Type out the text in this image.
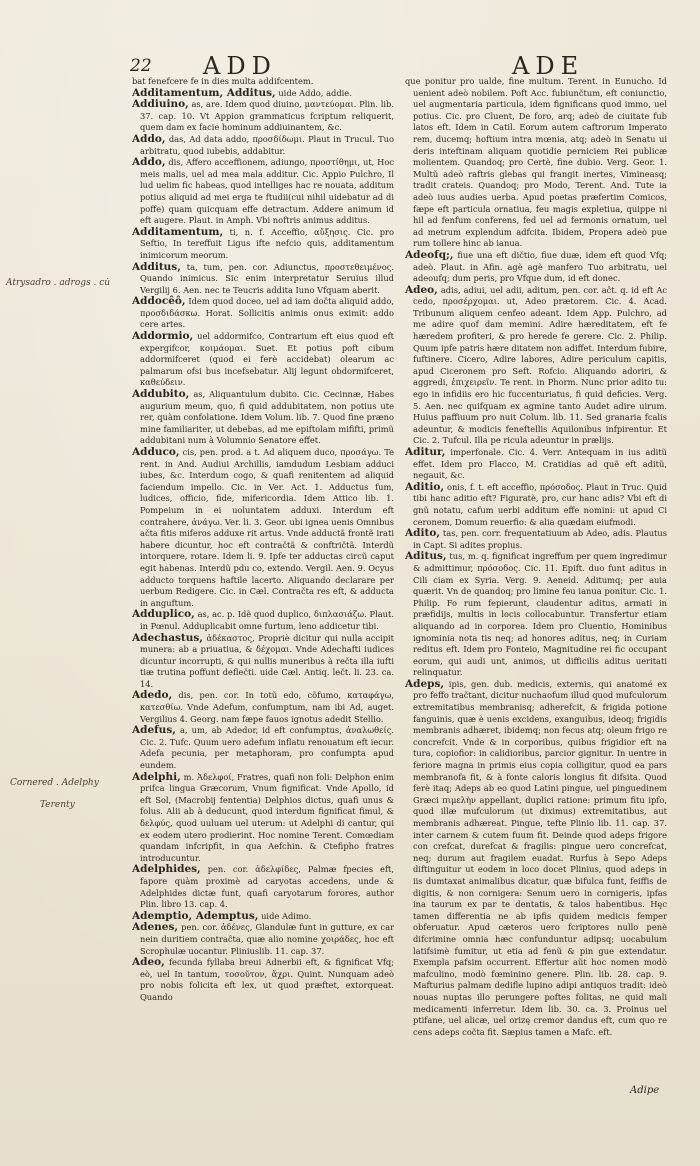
22 ADD	ADE
Atrysadro . adrogs . cu̇
Cornered . Adelphy
Terenty
bat fenefcere fe in dies multa addifcentem.
Additamentum, Additus, uide Addo, addie.
Addiuino, as, are. Idem quod diuino, μαντεύομαι. Plin. lib. 37. cap. 10. Vt Appion grammaticus fcriptum reliquerit, quem dam ex facie hominum addiuinantem, &c.
Addo, das, Ad data addo, προσδίδωμι. Plaut in Trucul. Tuo arbitratu, quod iubebis, addabitur.
Addo, dis, Affero acceffionem, adiungo, προστίθημι, ut, Hoc meis malis, uel ad mea mala additur. Cic. Appio Pulchro, Il lud uelim fic habeas, quod intelliges hac re nouata, additum potius aliquid ad mei erga te ftudii(cui nihil uidebatur ad di poffe) quam quicquam effe detractum. Addere animum id eft augere. Plaut. in Amph. Vbi noftris animus additus.
Additamentum, ti, n. f. Acceffio, αὔξησις. Cic. pro Seftio, In tereffuit Ligus ifte nefcio quis, additamentum inimicorum meorum.
Additus, ta, tum, pen. cor. Adiunctus, προστεθειμένος. Quando inimicus. Sic enim interpretatur Seruius illud Vergilij 6. Aen. nec te Teucris addita Iuno Vfquam aberit.
Addocêô, Idem quod doceo, uel ad iam dočta aliquid addo, προσδιδάσκω. Horat. Sollicitis animis onus eximit: addo cere artes.
Addormio, uel addormifco, Contrarium eft eius quod eft expergifcor, κοιμάομαι. Suet. Et potius poft cibum addormifceret (quod ei ferè accidebat) olearum ac palmarum ofsi bus incefsebatur. Alij legunt obdormifceret, καθεύδειν.
Addubito, as, Aliquantulum dubito. Cic. Cecinnæ, Habes augurium meum, quo, fi quid addubitatem, non potius ute rer, quàm confolatione. Idem Volum. lib. 7. Quod fine præno mine familiariter, ut debebas, ad me epiftolam mififti, primũ addubitani num à Volumnio Senatore effet.
Adduco, cis, pen. prod. a t. Ad aliquem duco, προσάγω. Te rent. in And. Audiui Archillis, iamdudum Lesbiam adduci iubes, &c. Interdum cogo, & quafi renitentem ad aliquid faciendum impello. Cic. in Ver. Act. 1. Adductus fum, ludices, officio, fide, mifericordia. Idem Attico lib. 1. Pompeium in ei uoluntatem adduxi. Interdum eft contrahere, ἀνάγω. Ver. li. 3. Geor. ubi ignea uenis Omnibus ačta fitis miferos adduxe rit artus. Vnde adductã frontẽ irati habere dicuntur, hoc eft contračtã & conftričtã. Interdũ intorquere, rotare. Idem li. 9. Ipfe ter adductas circũ caput egit habenas. Interdũ pdu co, extendo. Vergil. Aen. 9. Ocyus adducto torquens haftile lacerto. Aliquando declarare per uerbum Redigere. Cic. in Cæl. Contračta res eft, & adducta in anguftum.
Adduplico, as, ac. p. Idẽ quod duplico, διπλασιάζω. Plaut. in Pœnul. Adduplicabit omne furtum, leno addicetur tibi.
Adechastus, ἀδέκαστος, Propriè dicitur qui nulla accipit munera: ab a priuatiua, & δέχομαι. Vnde Adechafti iudices dicuntur incorrupti, & qui nullis muneribus à rečta illa iufti tiæ trutina poffunt deflečti. uide Cæl. Antiq. lečt. li. 23. ca. 14.
Adedo, dis, pen. cor. In totũ edo, cõfumo, καταφάγω, κατεσθίω. Vnde Adefum, confumptum, nam ibi Ad, auget. Vergilius 4. Georg. nam fæpe fauos ignotus adedit Stellio.
Adefus, a, um, ab Adedor, id eft confumptus, ἀναλωθείς. Cic. 2. Tufc. Quum uero adefum inflatu renouatum eft iecur. Adefa pecunia, per metaphoram, pro confumpta apud eundem.
Adelphi, m. Ἀδελφοί, Fratres, quafi non foli: Delphon enim prifca lingua Græcorum, Vnum fignificat. Vnde Apollo, id eft Sol, (Macrobij fententia) Delphios dictus, quafi unus & folus. Alii ab à deducunt, quod interdum fignificat fimul, & δελφύς, quod uuluam uel uterum: ut Adelphi di cantur, qui ex eodem utero prodierint. Hoc nomine Terent. Comœdiam quandam infcripfit, in qua Aefchin. & Ctefipho fratres introducuntur.
Adelphides, pen. cor. ἀδελφίδες, Palmæ fpecies eft, fapore quàm proximè ad caryotas accedens, unde & Adelphides dictæ funt, quafi caryotarum forores, author Plin. libro 13. cap. 4.
Ademptio, Ademptus, uide Adimo.
Adenes, pen. cor. ἀδένες, Glandulæ funt in gutture, ex car nein duritiem contraĉta, quæ alio nomine χοιράδες, hoc eft Scrophulæ uocantur. Pliniuslib. 11. cap. 37.
Adeo, fecunda fyllaba breui Adnerbii eft, & fignificat Vfq; eò, uel In tantum, τοσοῦτον, ἄχρι. Quint. Nunquam adeò pro nobis folicita eft lex, ut quod præftet, extorqueat. Quando
que ponitur pro ualde, fine multum. Terent. in Eunucho. Id uenient adeò nobilem. Poft Acc. fubiunčtum, eft coniunctio, uel augmentaria particula, idem fignificans quod immo, uel potius. Cic. pro Cluent, De foro, arq; adeò de ciuitate fub latos eft. Idem in Catil. Eorum autem caftrorum Imperato rem, ducemq; hoftium intra mœnia, atq; adeò in Senatu ui deris inteftinam aliquam quotidie perniciem Rei publicæ molientem. Quandoq; pro Certè, fine dubio. Verg. Geor. 1. Multũ adeò raftris glebas qui frangit inertes, Vimineasq; tradit crateis. Quandoq; pro Modo, Terent. And. Tute ia adeò iuus audies uerba. Apud poetas præfertim Comicos, fæpe eft particula ornatiua, feu magis expletiua, quippe ni hil ad fenfum conferens, fed uel ad fermonis ornatum, uel ad metrum explendum adfcita. Ibidem, Propera adeò pue rum tollere hinc ab ianua.
Adeofq;, fiue una eft dičtio, fiue duæ, idem eft quod Vfq; adeò. Plaut. in Afin. agè agè manfero Tuo arbitratu, uel adeoufq; dum peris, pro Vfque dum, id eft donec.
Adeo, adis, adiui, uel adii, aditum, pen. cor. aĉt. q. id eft Ac cedo, προσέρχομαι. ut, Adeo prætorem. Cic. 4. Acad. Tribunum aliquem cenfeo adeant. Idem App. Pulchro, ad me adire quof dam memini. Adire hæreditatem, eft fe hæredem profiteri, & pro herede fe gerere. Cic. 2. Philip. Quum ipfe patris hære ditatem non adiffet. Interdum fubire, fuftinere. Cicero, Adire labores, Adire periculum capitis, apud Ciceronem pro Seft. Rofcio. Aliquando adoriri, & aggredi, ἐπιχειρεῖν. Te rent. in Phorm. Nunc prior adito tu: ego in infidiis ero hic fuccenturiatus, fi quid deficies. Verg. 5. Aen. nec quifquam ex agmine tanto Audet adire uirum. Huius paffiuum pro nuit Colum. lib. 11. Sed granaria fcalis adeuntur, & modicis feneftellis Aquilonibus infpirentur. Et Cic. 2. Tufcul. Illa pe ricula adeuntur in prælijs.
Aditur, imperfonale. Cic. 4. Verr. Antequam in ius aditũ effet. Idem pro Flacco, M. Cratidias ad quẽ eft aditũ, negauit, &c.
Aditio, onis, f. t. eft acceffio, πρόσοδος. Plaut in Truc. Quid tibi hanc aditio eft? Figuratè, pro, cur hanc adis? Vbi eft di gnũ notatu, cafum uerbi additum effe nomini: ut apud Ci ceronem, Domum reuerfio: & alia quædam eiufmodi.
Adito, tas, pen. corr. frequentatiuum ab Adeo, adis. Plautus in Capt. Si adites propius.
Aditus, tus, m. q. fignificat ingreffum per quem ingredimur & admittimur, πρόσοδος. Cic. 11. Epift. duo funt aditus in Cili ciam ex Syria. Verg. 9. Aeneid. Aditumq; per auia quærit. Vn de quandoq; pro limine feu ianua ponitur. Cic. 1. Philip. Fo rum fepierunt, claudentur aditus, armati in præfidijs, multis in locis collocabuntur. Transfertur etiam aliquando ad in corporea. Idem pro Cluentio, Hominibus ignominia nota tis neq; ad honores aditus, neq; in Curiam reditus eft. Idem pro Fonteio, Magnitudine rei fic occupant eorum, qui audi unt, animos, ut difficilis aditus ueritati relinquatur.
Adeps, ipis, gen. dub. medicis, externis, qui anatomé ex pro feffo tračtant, dicitur nuchaofum illud quod mufculorum extremitatibus membranisq; adherefcit, & frigida potione fanguinis, quæ è uenis excidens, exanguibus, ideoq; frigidis membranis adhæret, ibidemq; non fecus atq; oleum frigo re concrefcit. Vnde & in corporibus, quibus frigidior eft na tura, copiofior: in calidioribus, parcior gignitur. In uentre in feriore magna in primis eius copia colligitur, quod ea pars membranofa fit, & à fonte caloris longius fit difsita. Quod ferè itaq; Adeps ab eo quod Latini pingue, uel pinguedinem Græci πιμελὴν appellant, duplici ratione: primum fitu ipfo, quod illæ mufculorum (ut diximus) extremitatibus, aut membranis adhæreat. Pingue, tefte Plinio lib. 11. cap. 37. inter carnem & cutem fuum fit. Deinde quod adeps frigore con crefcat, durefcat & fragilis: pingue uero concrefcat, neq; durum aut fragilem euadat. Rurfus à Sepo Adeps diftinguitur ut eodem in loco docet Plinius, quod adeps in iis dumtaxat animalibus dicatur, quæ bifulca funt, feiffis de digitis, & non cornigera: Senum uero in cornigeris, ipfas ina taurum ex par te dentatis, & talos habentibus. Hęc tamen differentia ne ab ipfis quidem medicis femper obferuatur. Apud cæteros uero fcriptores nullo penè difcrimine omnia hæc confunduntur adipsq; uocabulum latifsimè fumitur, ut etia ad fenũ & pin gue extendatur. Exempla pafsim occurrent. Effertur aũt hoc nomen modò mafculino, modò fœminino genere. Plin. lib. 28. cap. 9. Mafturius palmam dedifle lupino adipi antiquos tradit: ideò nouas nuptas illo perungere poftes folitas, ne quid mali medicamenti inferretur. Idem lib. 30. ca. 3. Proinus uel ptifane, uel alicæ, uel orizę cremor dandus eft, cum quo re cens adeps cočta fit. Sæpius tamen a Mafc. eft.
Adipe
